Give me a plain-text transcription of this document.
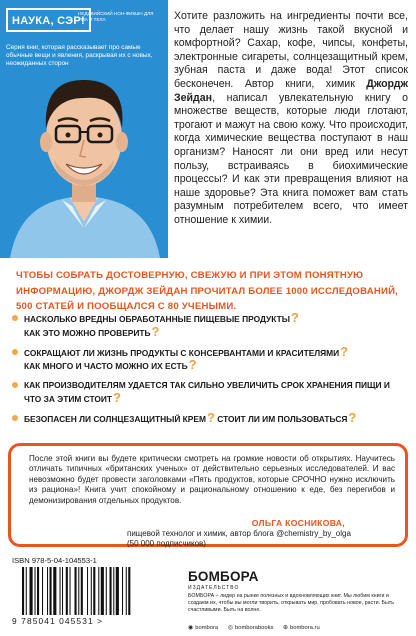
НАУКА, СЭР!
НЕДИКИЙСКИЙ НОН-ФИКШН ДЛЯ УМА И ТЕЛА
Серия книг, которая рассказывает про самые обычные вещи и явления, раскрывая их с новых, неожиданных сторон

Хотите разложить на ингредиенты почти все, что делает нашу жизнь такой вкусной и комфортной? Сахар, кофе, чипсы, конфеты, электронные сигареты, солнцезащитный крем, зубная паста и даже вода! Этот список бесконечен. Автор книги, химик Джордж Зейдан, написал увлекательную книгу о множестве веществ, которые люди глотают, трогают и мажут на свою кожу. Что происходит, когда химические вещества поступают в наш организм? Наносят ли они вред или несут пользу, встраиваясь в биохимические процессы? И как эти превращения влияют на наше здоровье? Эта книга поможет вам стать разумным потребителем всего, что имеет отношение к химии.

ЧТОБЫ СОБРАТЬ ДОСТОВЕРНУЮ, СВЕЖУЮ И ПРИ ЭТОМ ПОНЯТНУЮ ИНФОРМАЦИЮ, ДЖОРДЖ ЗЕЙДАН ПРОЧИТАЛ БОЛЕЕ 1000 ИССЛЕДОВАНИЙ, 500 СТАТЕЙ И ПООБЩАЛСЯ С 80 УЧЕНЫМИ.

НАСКОЛЬКО ВРЕДНЫ ОБРАБОТАННЫЕ ПИЩЕВЫЕ ПРОДУКТЫ?
КАК ЭТО МОЖНО ПРОВЕРИТЬ?
СОКРАЩАЮТ ЛИ ЖИЗНЬ ПРОДУКТЫ С КОНСЕРВАНТАМИ И КРАСИТЕЛЯМИ?
КАК МНОГО И ЧАСТО МОЖНО ИХ ЕСТЬ?
КАК ПРОИЗВОДИТЕЛЯМ УДАЕТСЯ ТАК СИЛЬНО УВЕЛИЧИТЬ СРОК ХРАНЕНИЯ ПИЩИ И ЧТО ЗА ЭТИМ СТОИТ?
БЕЗОПАСЕН ЛИ СОЛНЦЕЗАЩИТНЫЙ КРЕМ? СТОИТ ЛИ ИМ ПОЛЬЗОВАТЬСЯ?

После этой книги вы будете критически смотреть на громкие новости об открытиях. Научитесь отличать типичных «британских ученых» от действительно серьезных исследователей. И вас невозможно будет провести заголовками «Пять продуктов, которые СРОЧНО нужно исключить из рациона»! Книга учит спокойному и рациональному отношению к еде, без перегибов и демонизирования отдельных продуктов.

ОЛЬГА КОСНИКОВА,
пищевой технолог и химик, автор блога @chemistry_by_olga
(50 000 подписчиков)
ISBN 978-5-04-104553-1
9 785041 045531 >
БОМБОРА
ИЗДАТЕЛЬСТВО

БОМБОРА – лидер на рынке полезных и вдохновляющих книг. Мы любим книги и создаем их, чтобы вы могли творить, открывать мир, пробовать новое, расти. Быть счастливыми. Быть на волне.

◉ bombora ◎ bomborabooks ⊕ bombora.ru
